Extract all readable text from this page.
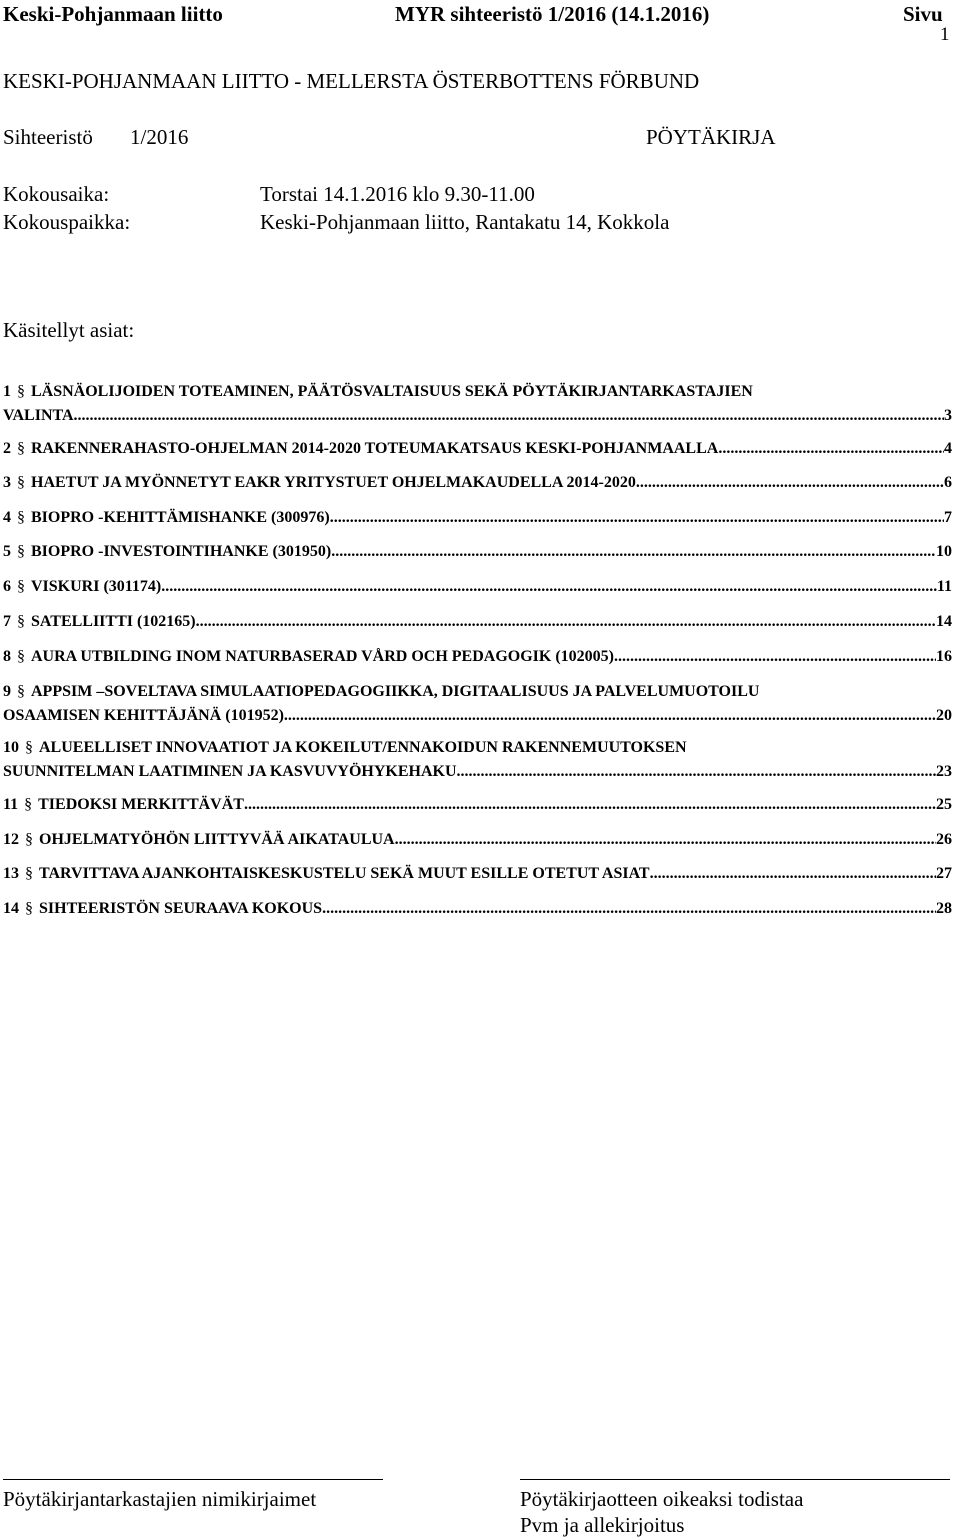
Keski-Pohjanmaan liitto	MYR sihteeristö 1/2016 (14.1.2016)	Sivu
1
KESKI-POHJANMAAN LIITTO - MELLERSTA ÖSTERBOTTENS FÖRBUND
Sihteeristö 1/2016	PÖYTÄKIRJA
Kokousaika:	Torstai 14.1.2016 klo 9.30-11.00
Kokouspaikka:	Keski-Pohjanmaan liitto, Rantakatu 14, Kokkola
Käsitellyt asiat:
1 § LÄSNÄOLIJOIDEN TOTEAMINEN, PÄÄTÖSVALTAISUUS SEKÄ PÖYTÄKIRJANTARKASTAJIEN
VALINTA .....	3
2 § RAKENNERAHASTO-OHJELMAN 2014-2020 TOTEUMAKATSAUS KESKI-POHJANMAALLA .....	4
3 § HAETUT JA MYÖNNETYT EAKR YRITYSTUET OHJELMAKAUDELLA 2014-2020 .....	6
4 § BIOPRO -KEHITTÄMISHANKE (300976) .....	7
5 § BIOPRO -INVESTOINTIHANKE (301950) .....	10
6 § VISKURI (301174) .....	11
7 § SATELLIITTI (102165) .....	14
8 § AURA UTBILDING INOM NATURBASERAD VÅRD OCH PEDAGOGIK (102005) .....	16
9 § APPSIM –SOVELTAVA SIMULAATIOPEDAGOGIIKKA, DIGITAALISUUS JA PALVELUMUOTOILU
OSAAMISEN KEHITTÄJÄNÄ (101952) .....	20
10 § ALUEELLISET INNOVAATIOT JA KOKEILUT/ENNAKOIDUN RAKENNEMUUTOKSEN
SUUNNITELMAN LAATIMINEN JA KASVUVYÖHYKEHAKU .....	23
11 § TIEDOKSI MERKITTÄVÄT .....	25
12 § OHJELMATYÖHÖN LIITTYVÄÄ AIKATAULUA .....	26
13 § TARVITTAVA AJANKOHTAISKESKUSTELU SEKÄ MUUT ESILLE OTETUT ASIAT .....	27
14 § SIHTEERISTÖN SEURAAVA KOKOUS .....	28
Pöytäkirjantarkastajien nimikirjaimet	Pöytäkirjaotteen oikeaksi todistaa
Pvm ja allekirjoitus
